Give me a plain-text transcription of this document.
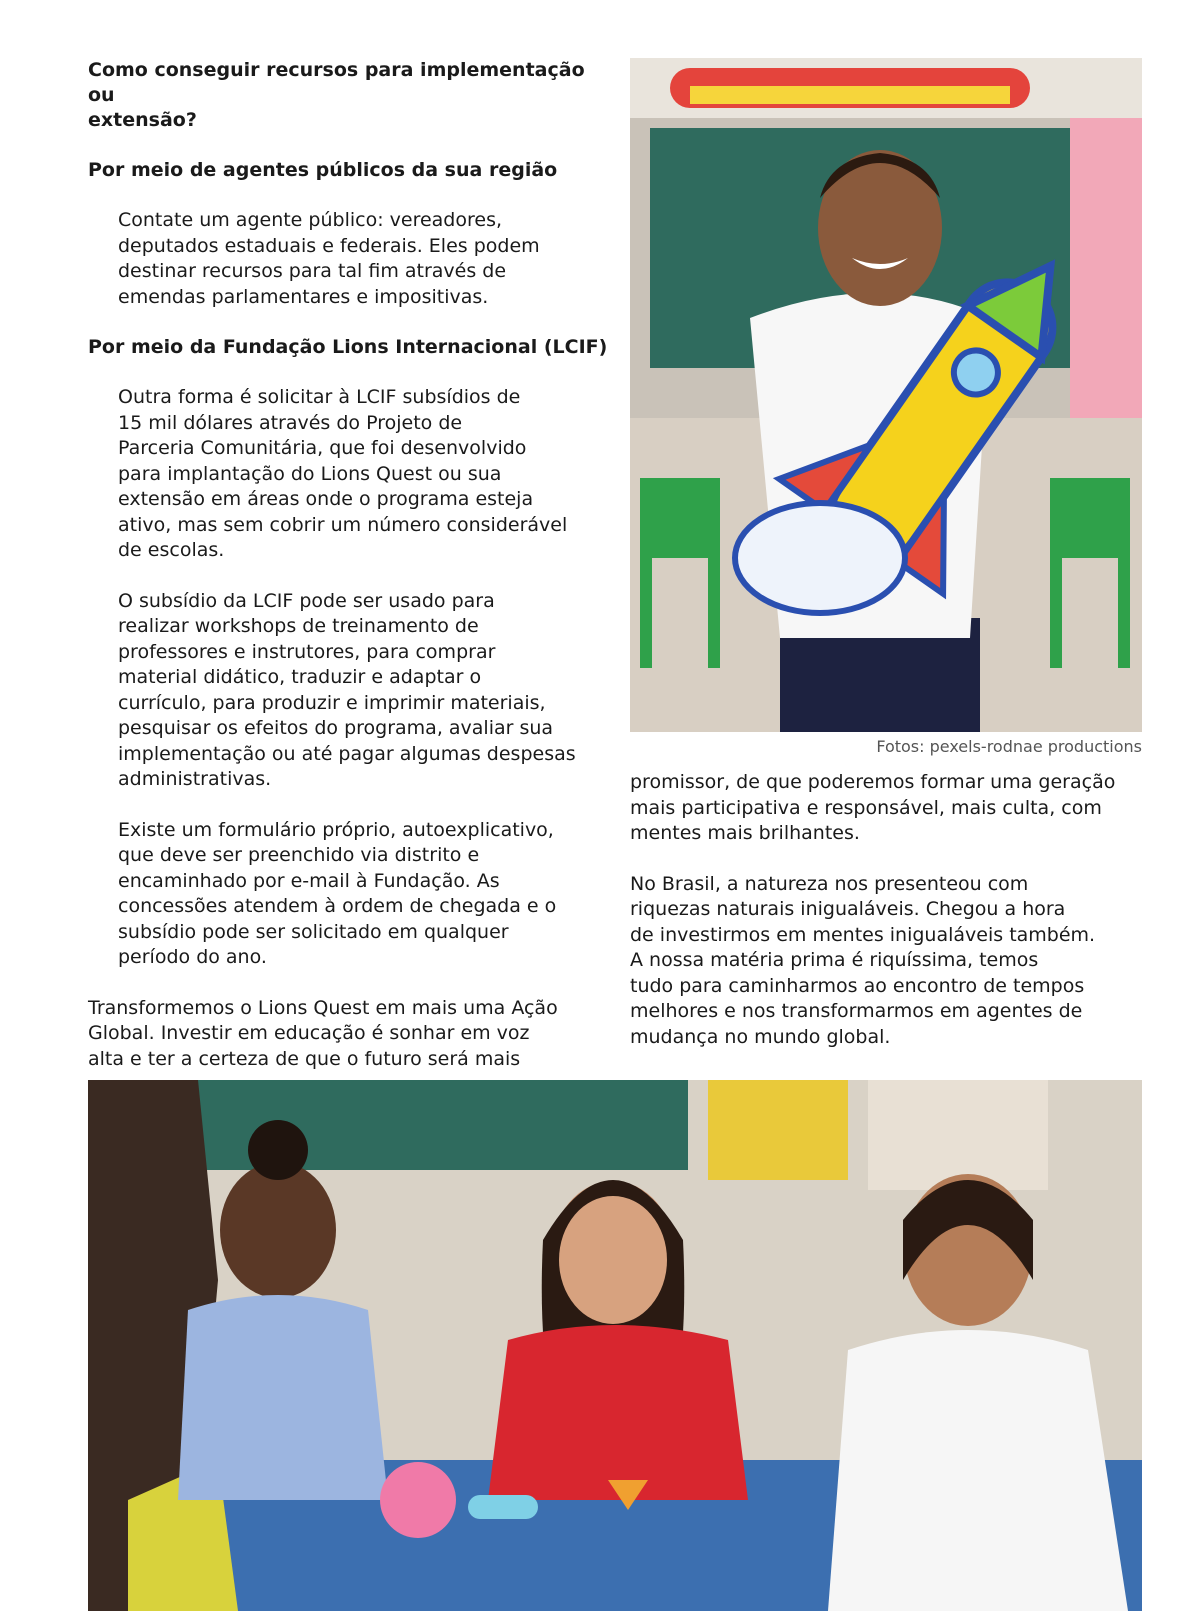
Como conseguir recursos para implementação ou
extensão?

Por meio de agentes públicos da sua região

Contate um agente público: vereadores,
deputados estaduais e federais. Eles podem
destinar recursos para tal fim através de
emendas parlamentares e impositivas.

Por meio da Fundação Lions Internacional (LCIF)

Outra forma é solicitar à LCIF subsídios de
15 mil dólares através do Projeto de
Parceria Comunitária, que foi desenvolvido
para implantação do Lions Quest ou sua
extensão em áreas onde o programa esteja
ativo, mas sem cobrir um número considerável
de escolas.

O subsídio da LCIF pode ser usado para
realizar workshops de treinamento de
professores e instrutores, para comprar
material didático, traduzir e adaptar o
currículo, para produzir e imprimir materiais,
pesquisar os efeitos do programa, avaliar sua
implementação ou até pagar algumas despesas
administrativas.

Existe um formulário próprio, autoexplicativo,
que deve ser preenchido via distrito e
encaminhado por e-mail à Fundação. As
concessões atendem à ordem de chegada e o
subsídio pode ser solicitado em qualquer
período do ano.

Transformemos o Lions Quest em mais uma Ação
Global. Investir em educação é sonhar em voz
alta e ter a certeza de que o futuro será mais

Fotos: pexels-rodnae productions

promissor, de que poderemos formar uma geração
mais participativa e responsável, mais culta, com
mentes mais brilhantes.

No Brasil, a natureza nos presenteou com
riquezas naturais inigualáveis. Chegou a hora
de investirmos em mentes inigualáveis também.
A nossa matéria prima é riquíssima, temos
tudo para caminharmos ao encontro de tempos
melhores e nos transformarmos em agentes de
mudança no mundo global.
